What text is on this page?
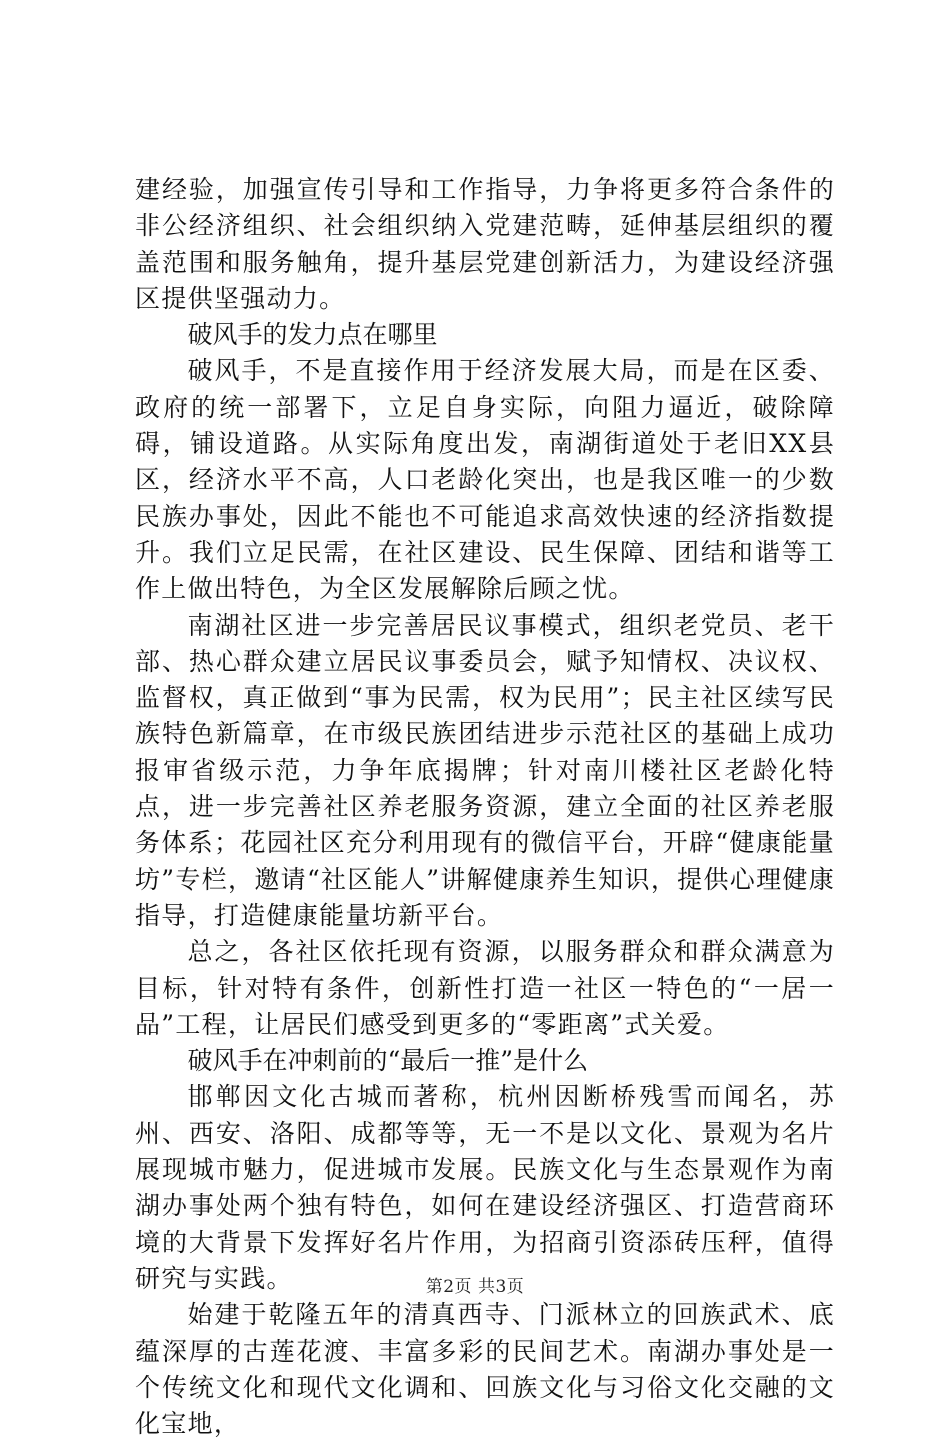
建经验，加强宣传引导和工作指导，力争将更多符合条件的非公经济组织、社会组织纳入党建范畴，延伸基层组织的覆盖范围和服务触角，提升基层党建创新活力，为建设经济强区提供坚强动力。

破风手的发力点在哪里

破风手，不是直接作用于经济发展大局，而是在区委、政府的统一部署下，立足自身实际，向阻力逼近，破除障碍，铺设道路。从实际角度出发，南湖街道处于老旧XX县区，经济水平不高，人口老龄化突出，也是我区唯一的少数民族办事处，因此不能也不可能追求高效快速的经济指数提升。我们立足民需，在社区建设、民生保障、团结和谐等工作上做出特色，为全区发展解除后顾之忧。

南湖社区进一步完善居民议事模式，组织老党员、老干部、热心群众建立居民议事委员会，赋予知情权、决议权、监督权，真正做到“事为民需，权为民用”；民主社区续写民族特色新篇章，在市级民族团结进步示范社区的基础上成功报审省级示范，力争年底揭牌；针对南川楼社区老龄化特点，进一步完善社区养老服务资源，建立全面的社区养老服务体系；花园社区充分利用现有的微信平台，开辟“健康能量坊”专栏，邀请“社区能人”讲解健康养生知识，提供心理健康指导，打造健康能量坊新平台。

总之，各社区依托现有资源，以服务群众和群众满意为目标，针对特有条件，创新性打造一社区一特色的“一居一品”工程，让居民们感受到更多的“零距离”式关爱。

破风手在冲刺前的“最后一推”是什么

邯郸因文化古城而著称，杭州因断桥残雪而闻名，苏州、西安、洛阳、成都等等，无一不是以文化、景观为名片展现城市魅力，促进城市发展。民族文化与生态景观作为南湖办事处两个独有特色，如何在建设经济强区、打造营商环境的大背景下发挥好名片作用，为招商引资添砖压秤，值得研究与实践。

始建于乾隆五年的清真西寺、门派林立的回族武术、底蕴深厚的古莲花渡、丰富多彩的民间艺术。南湖办事处是一个传统文化和现代文化调和、回族文化与习俗文化交融的文化宝地，

第2页 共3页
